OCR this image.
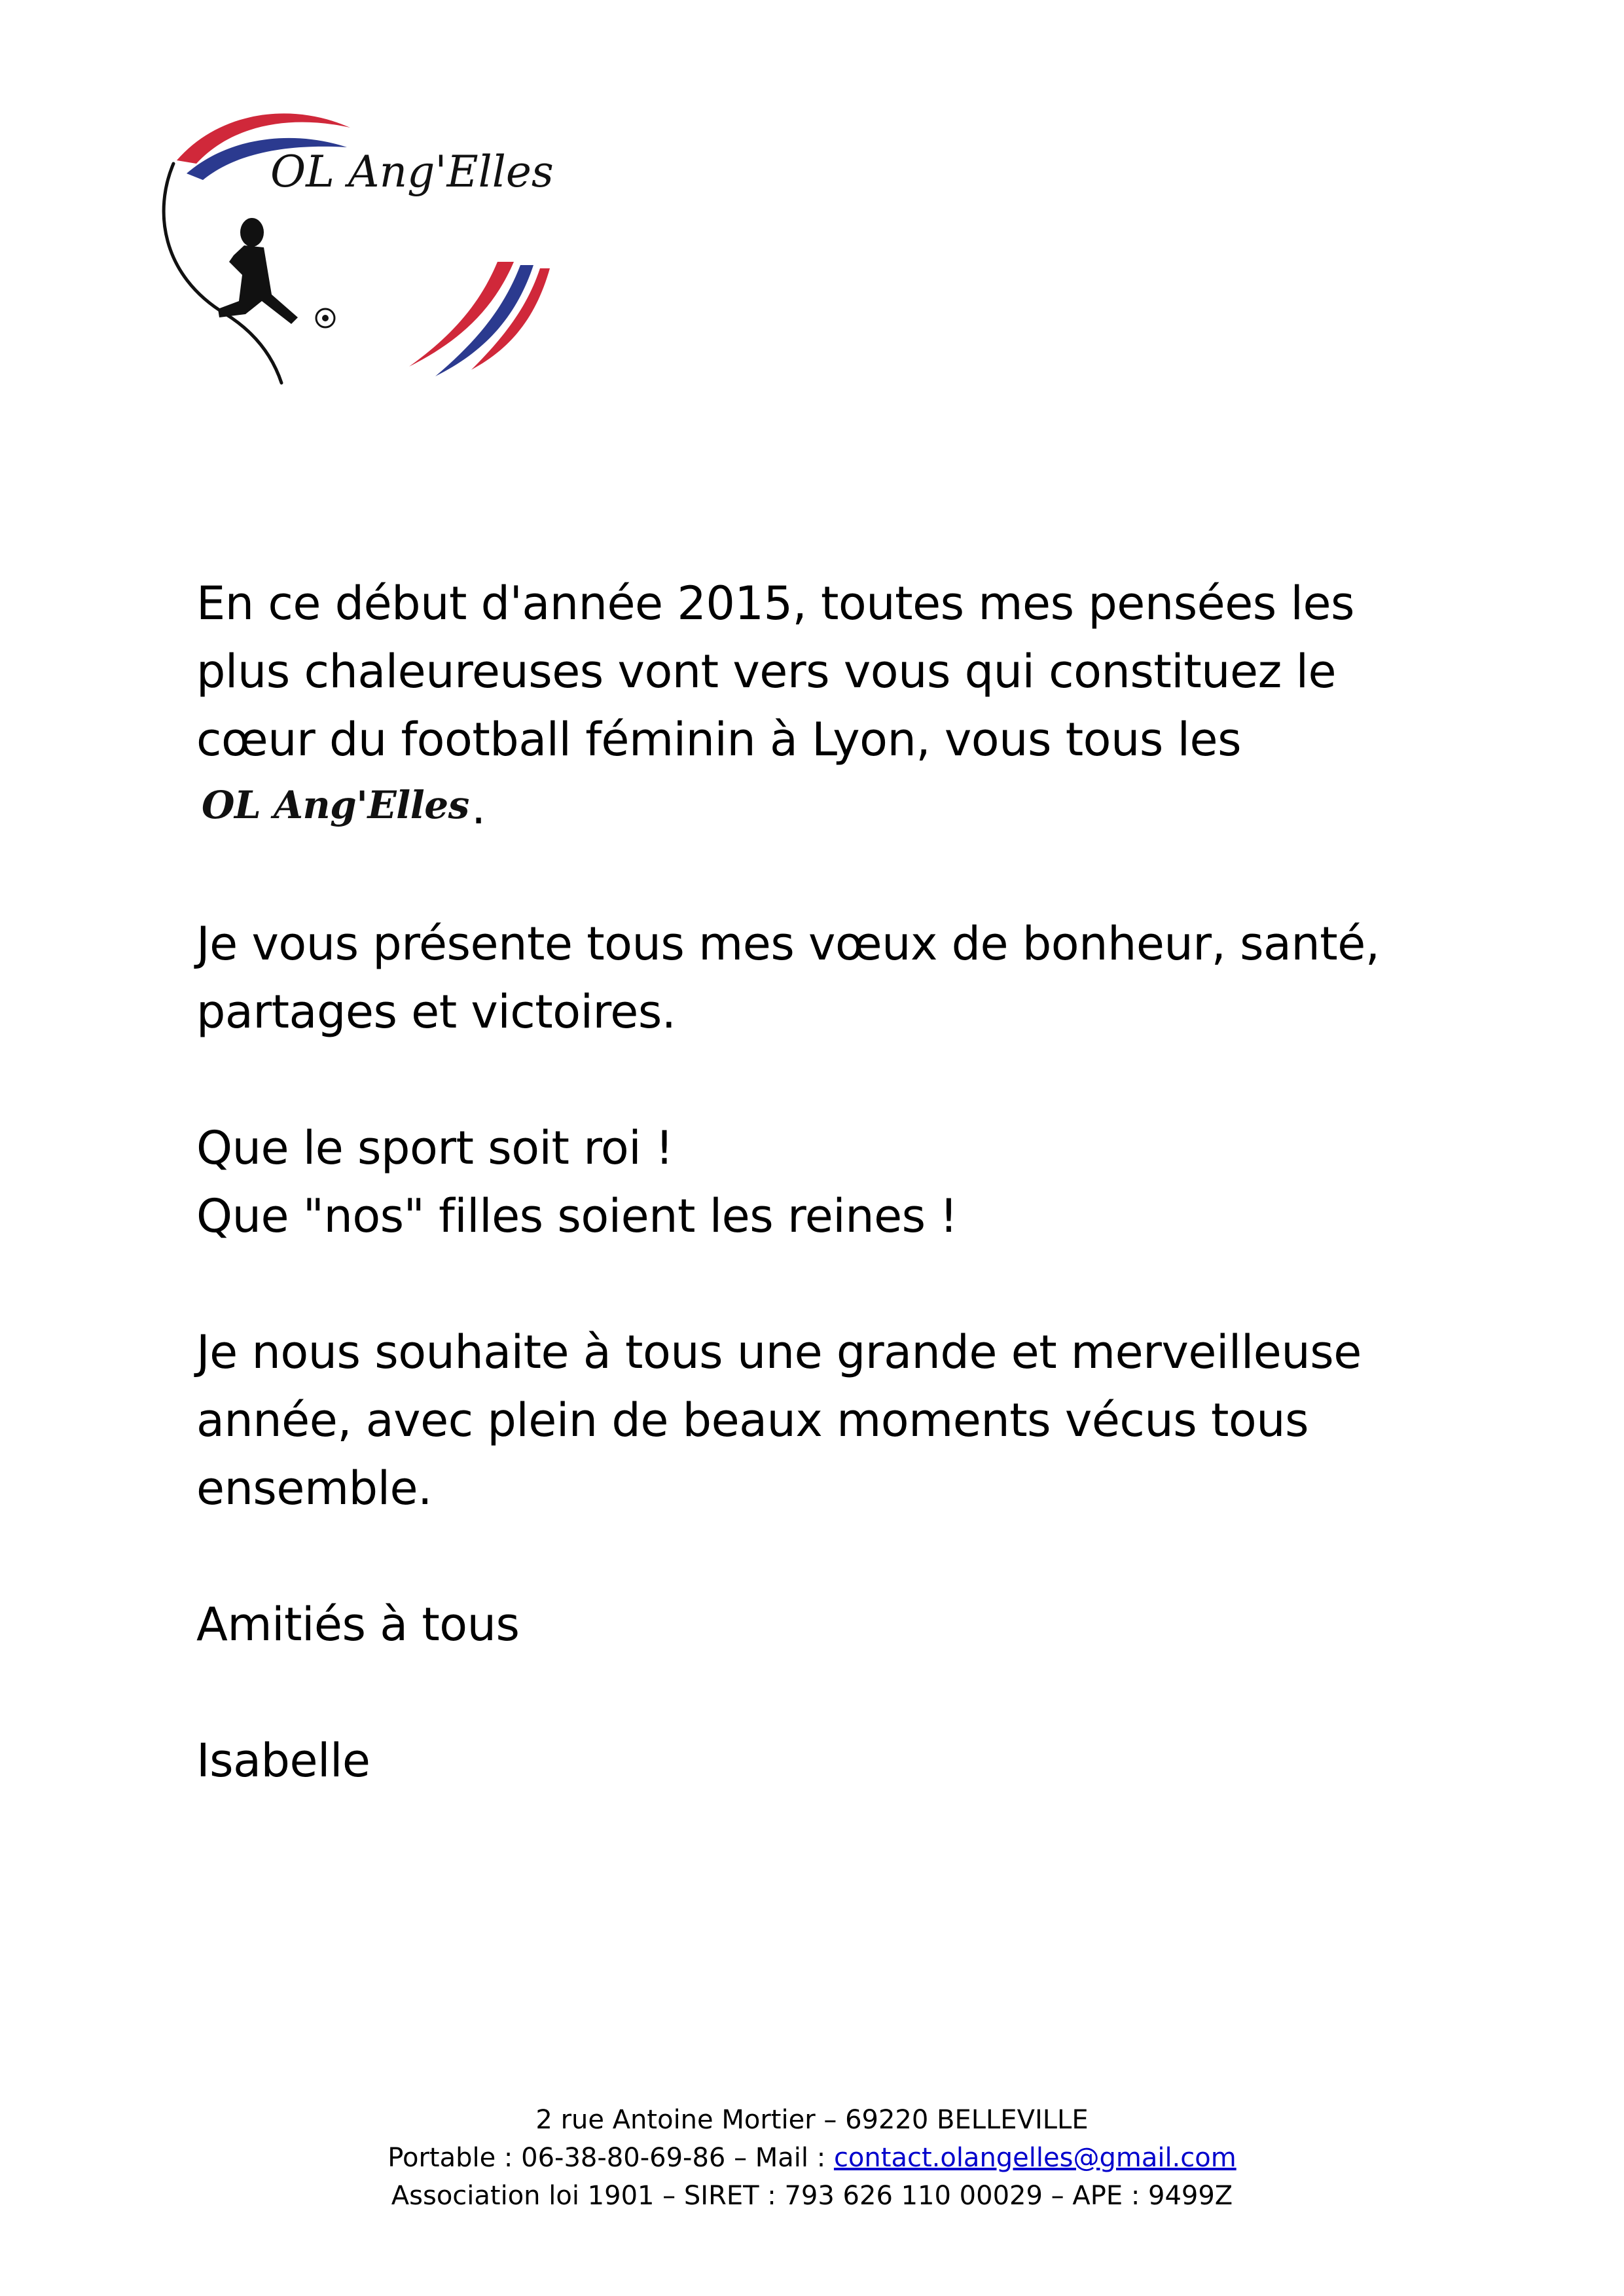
OL Ang'Elles

En ce début d'année 2015, toutes mes pensées les plus chaleureuses vont vers vous qui constituez le cœur du football féminin à Lyon, vous tous les
OL Ang'Elles .

Je vous présente tous mes vœux de bonheur, santé, partages et victoires.

Que le sport soit roi !

Que "nos" filles soient les reines !

Je nous souhaite à tous une grande et merveilleuse année, avec plein de beaux moments vécus tous ensemble.

Amitiés à tous

Isabelle

2 rue Antoine Mortier – 69220 BELLEVILLE
Portable : 06-38-80-69-86 – Mail : contact.olangelles@gmail.com
Association loi 1901 – SIRET : 793 626 110 00029 – APE : 9499Z
